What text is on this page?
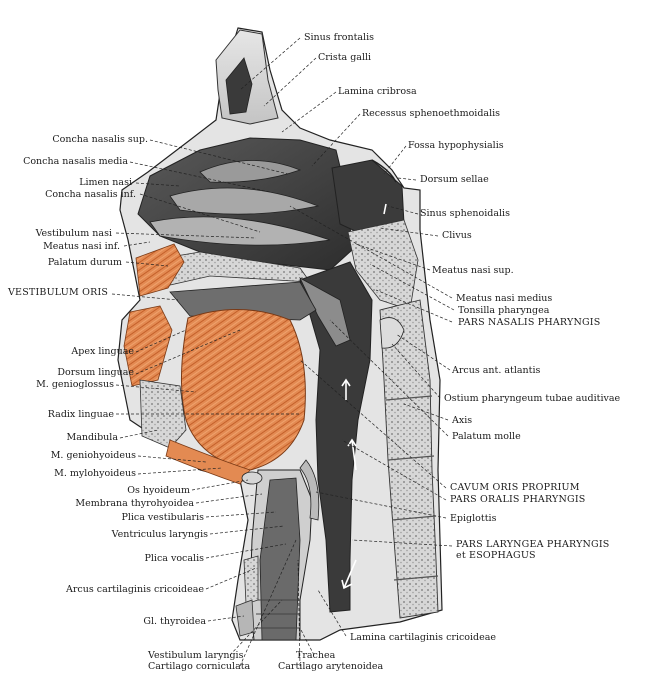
Sinus frontalis
Crista galli
Lamina cribrosa
Recessus sphenoethmoidalis
Fossa hypophysialis
Dorsum sellae
Concha nasalis sup.
Concha nasalis media
Limen nasi
Concha nasalis inf.
Vestibulum nasi
Meatus nasi inf.
Palatum durum
VESTIBULUM ORIS
Sinus sphenoidalis
Clivus
Meatus nasi sup.
Meatus nasi medius
Tonsilla pharyngea
PARS NASALIS PHARYNGIS
Apex linguae
Dorsum linguae
M. genioglossus
Radix linguae
Mandibula
M. geniohyoideus
M. mylohyoideus
Os hyoideum
Membrana thyrohyoidea
Plica vestibularis
Ventriculus laryngis
Plica vocalis
Arcus cartilaginis cricoideae
Gl. thyroidea
Vestibulum laryngis
Cartilago corniculata
Trachea
Cartilago arytenoidea
Lamina cartilaginis cricoideae
Arcus ant. atlantis
Ostium pharyngeum tubae auditivae
Axis
Palatum molle
CAVUM ORIS PROPRIUM
PARS ORALIS PHARYNGIS
Epiglottis
PARS LARYNGEA PHARYNGIS
et ESOPHAGUS
